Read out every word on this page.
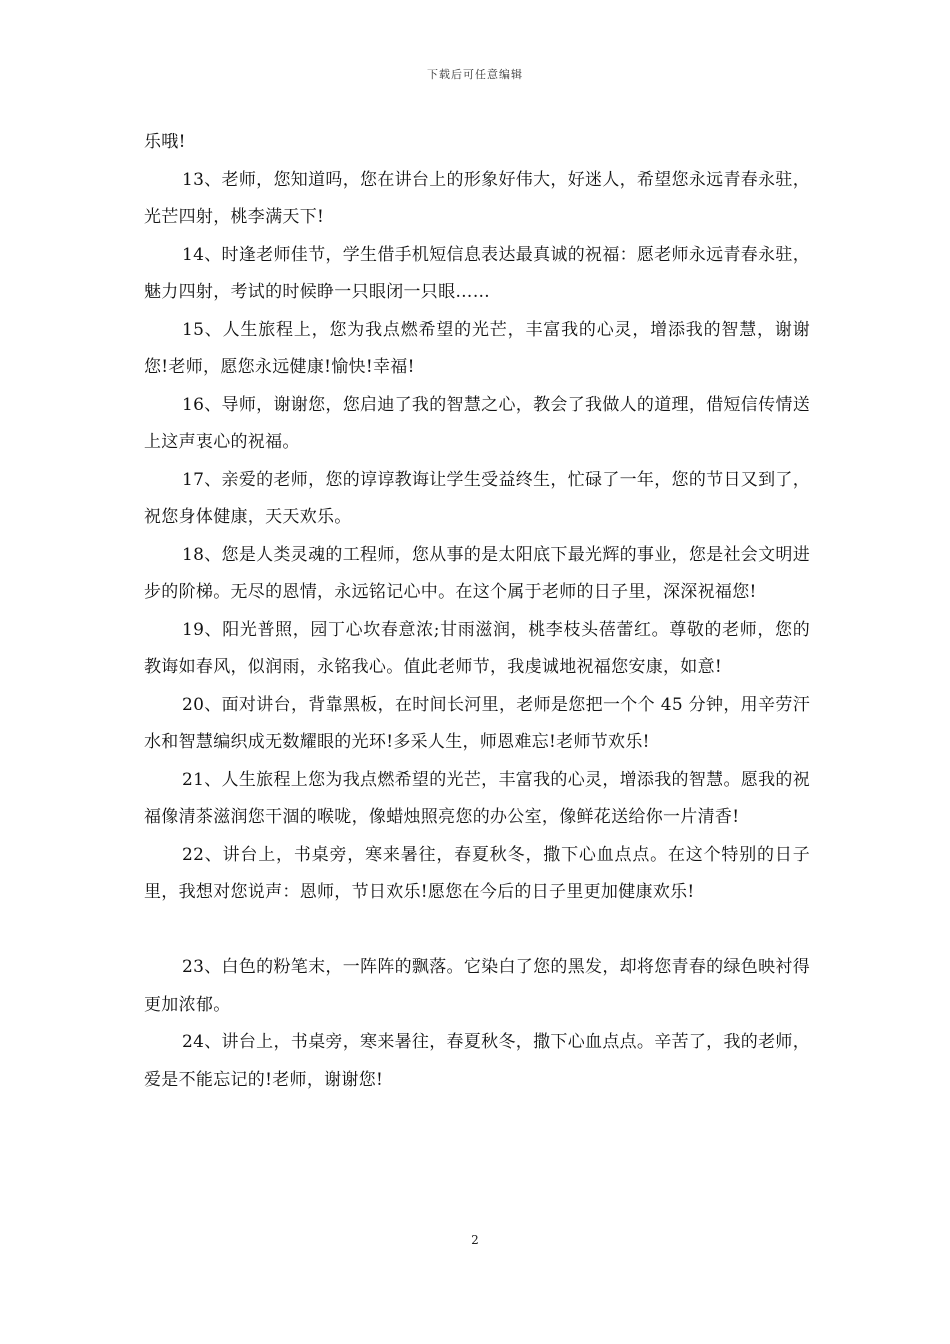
下载后可任意编辑

乐哦!

13、老师，您知道吗，您在讲台上的形象好伟大，好迷人，希望您永远青春永驻，光芒四射，桃李满天下!

14、时逢老师佳节，学生借手机短信息表达最真诚的祝福：愿老师永远青春永驻，魅力四射，考试的时候睁一只眼闭一只眼……

15、人生旅程上，您为我点燃希望的光芒，丰富我的心灵，增添我的智慧，谢谢您!老师，愿您永远健康!愉快!幸福!

16、导师，谢谢您，您启迪了我的智慧之心，教会了我做人的道理，借短信传情送上这声衷心的祝福。

17、亲爱的老师，您的谆谆教诲让学生受益终生，忙碌了一年，您的节日又到了，祝您身体健康，天天欢乐。

18、您是人类灵魂的工程师，您从事的是太阳底下最光辉的事业，您是社会文明进步的阶梯。无尽的恩情，永远铭记心中。在这个属于老师的日子里，深深祝福您!

19、阳光普照，园丁心坎春意浓;甘雨滋润，桃李枝头蓓蕾红。尊敬的老师，您的教诲如春风，似润雨，永铭我心。值此老师节，我虔诚地祝福您安康，如意!

20、面对讲台，背靠黑板，在时间长河里，老师是您把一个个 45 分钟，用辛劳汗水和智慧编织成无数耀眼的光环!多采人生，师恩难忘!老师节欢乐!

21、人生旅程上您为我点燃希望的光芒，丰富我的心灵，增添我的智慧。愿我的祝福像清茶滋润您干涸的喉咙，像蜡烛照亮您的办公室，像鲜花送给你一片清香!

22、讲台上，书桌旁，寒来暑往，春夏秋冬，撒下心血点点。在这个特别的日子里，我想对您说声：恩师，节日欢乐!愿您在今后的日子里更加健康欢乐!

23、白色的粉笔末，一阵阵的飘落。它染白了您的黑发，却将您青春的绿色映衬得更加浓郁。

24、讲台上，书桌旁，寒来暑往，春夏秋冬，撒下心血点点。辛苦了，我的老师，爱是不能忘记的!老师，谢谢您!

2
